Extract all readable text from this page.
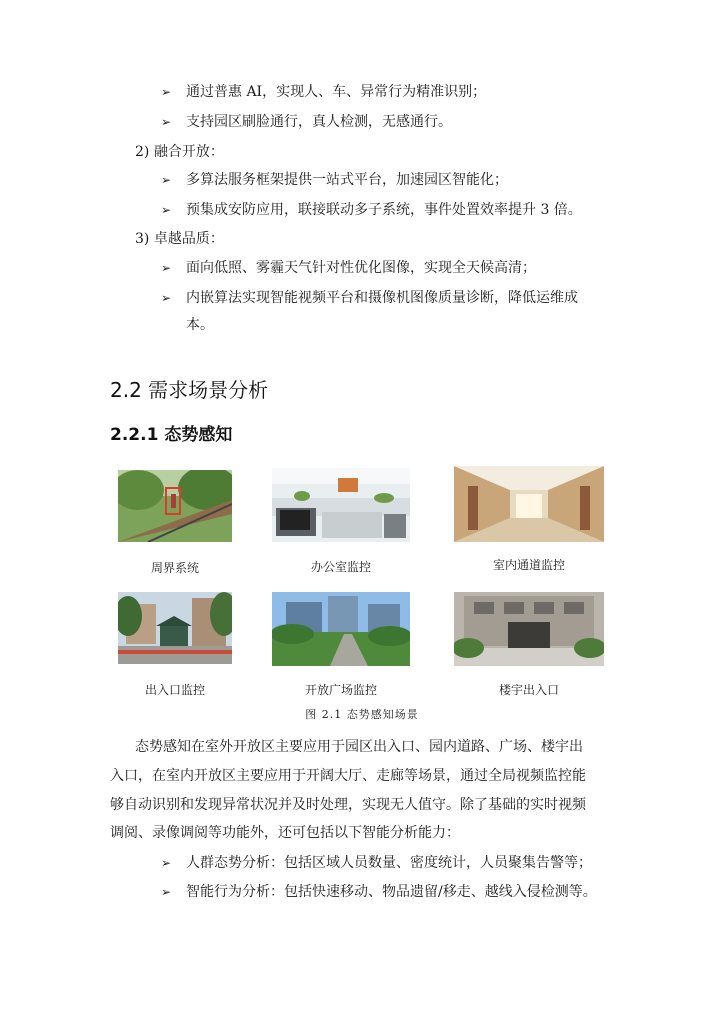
➢ 通过普惠 AI，实现人、车、异常行为精准识别；
➢ 支持园区刷脸通行，真人检测，无感通行。
2) 融合开放：
➢ 多算法服务框架提供一站式平台，加速园区智能化；
➢ 预集成安防应用，联接联动多子系统，事件处置效率提升 3 倍。
3) 卓越品质：
➢ 面向低照、雾霾天气针对性优化图像，实现全天候高清；
➢ 内嵌算法实现智能视频平台和摄像机图像质量诊断，降低运维成
本。
2.2 需求场景分析
2.2.1 态势感知
周界系统	办公室监控	室内通道监控
出入口监控	开放广场监控	楼宇出入口
图 2.1 态势感知场景
态势感知在室外开放区主要应用于园区出入口、园内道路、广场、楼宇出
入口，在室内开放区主要应用于开阔大厅、走廊等场景，通过全局视频监控能
够自动识别和发现异常状况并及时处理，实现无人值守。除了基础的实时视频
调阅、录像调阅等功能外，还可包括以下智能分析能力：
➢ 人群态势分析：包括区域人员数量、密度统计，人员聚集告警等；
➢ 智能行为分析：包括快速移动、物品遗留/移走、越线入侵检测等。
